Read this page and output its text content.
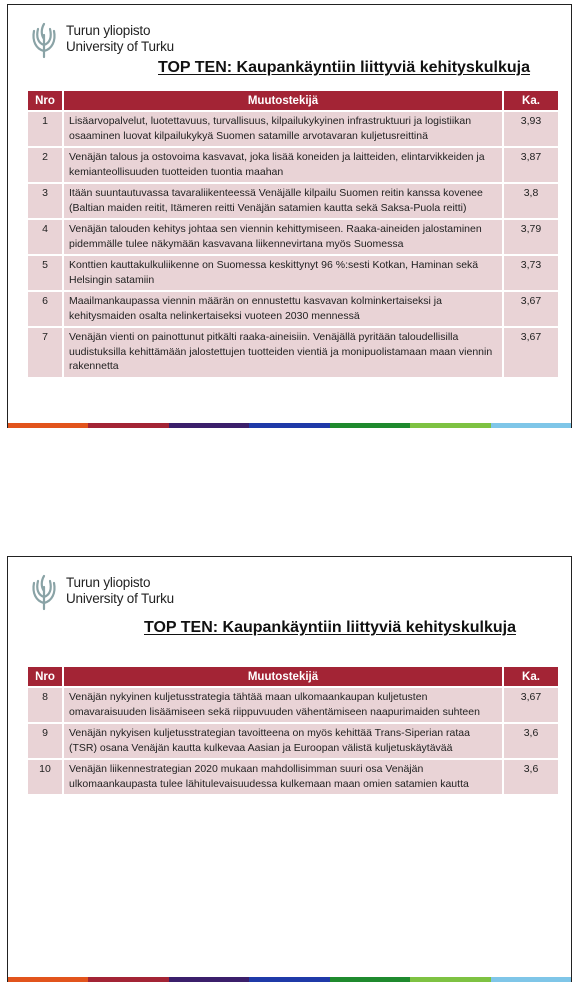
Turun yliopisto
University of Turku
TOP TEN: Kaupankäyntiin liittyviä kehityskulkuja
Nro	Muutostekijä	Ka.
1	Lisäarvopalvelut, luotettavuus, turvallisuus, kilpailukykyinen infrastruktuuri ja logistiikan osaaminen luovat kilpailukykyä Suomen satamille arvotavaran kuljetusreittinä	3,93
2	Venäjän talous ja ostovoima kasvavat, joka lisää koneiden ja laitteiden, elintarvikkeiden ja kemianteollisuuden tuotteiden tuontia maahan	3,87
3	Itään suuntautuvassa tavaraliikenteessä Venäjälle kilpailu Suomen reitin kanssa kovenee (Baltian maiden reitit, Itämeren reitti Venäjän satamien kautta sekä Saksa-Puola reitti)	3,8
4	Venäjän talouden kehitys johtaa sen viennin kehittymiseen. Raaka-aineiden jalostaminen pidemmälle tulee näkymään kasvavana liikennevirtana myös Suomessa	3,79
5	Konttien kauttakulkuliikenne on Suomessa keskittynyt 96 %:sesti Kotkan, Haminan sekä Helsingin satamiin	3,73
6	Maailmankaupassa viennin määrän on ennustettu kasvavan kolminkertaiseksi ja kehitysmaiden osalta nelinkertaiseksi vuoteen 2030 mennessä	3,67
7	Venäjän vienti on painottunut pitkälti raaka-aineisiin. Venäjällä pyritään taloudellisilla uudistuksilla kehittämään jalostettujen tuotteiden vientiä ja monipuolistamaan maan viennin rakennetta	3,67
Turun yliopisto
University of Turku
TOP TEN: Kaupankäyntiin liittyviä kehityskulkuja
Nro	Muutostekijä	Ka.
8	Venäjän nykyinen kuljetusstrategia tähtää maan ulkomaankaupan kuljetusten omavaraisuuden lisäämiseen sekä riippuvuuden vähentämiseen naapurimaiden suhteen	3,67
9	Venäjän nykyisen kuljetusstrategian tavoitteena on myös kehittää Trans-Siperian rataa (TSR) osana Venäjän kautta kulkevaa Aasian ja Euroopan välistä kuljetuskäytävää	3,6
10	Venäjän liikennestrategian 2020 mukaan mahdollisimman suuri osa Venäjän ulkomaankaupasta tulee lähitulevaisuudessa kulkemaan maan omien satamien kautta	3,6
